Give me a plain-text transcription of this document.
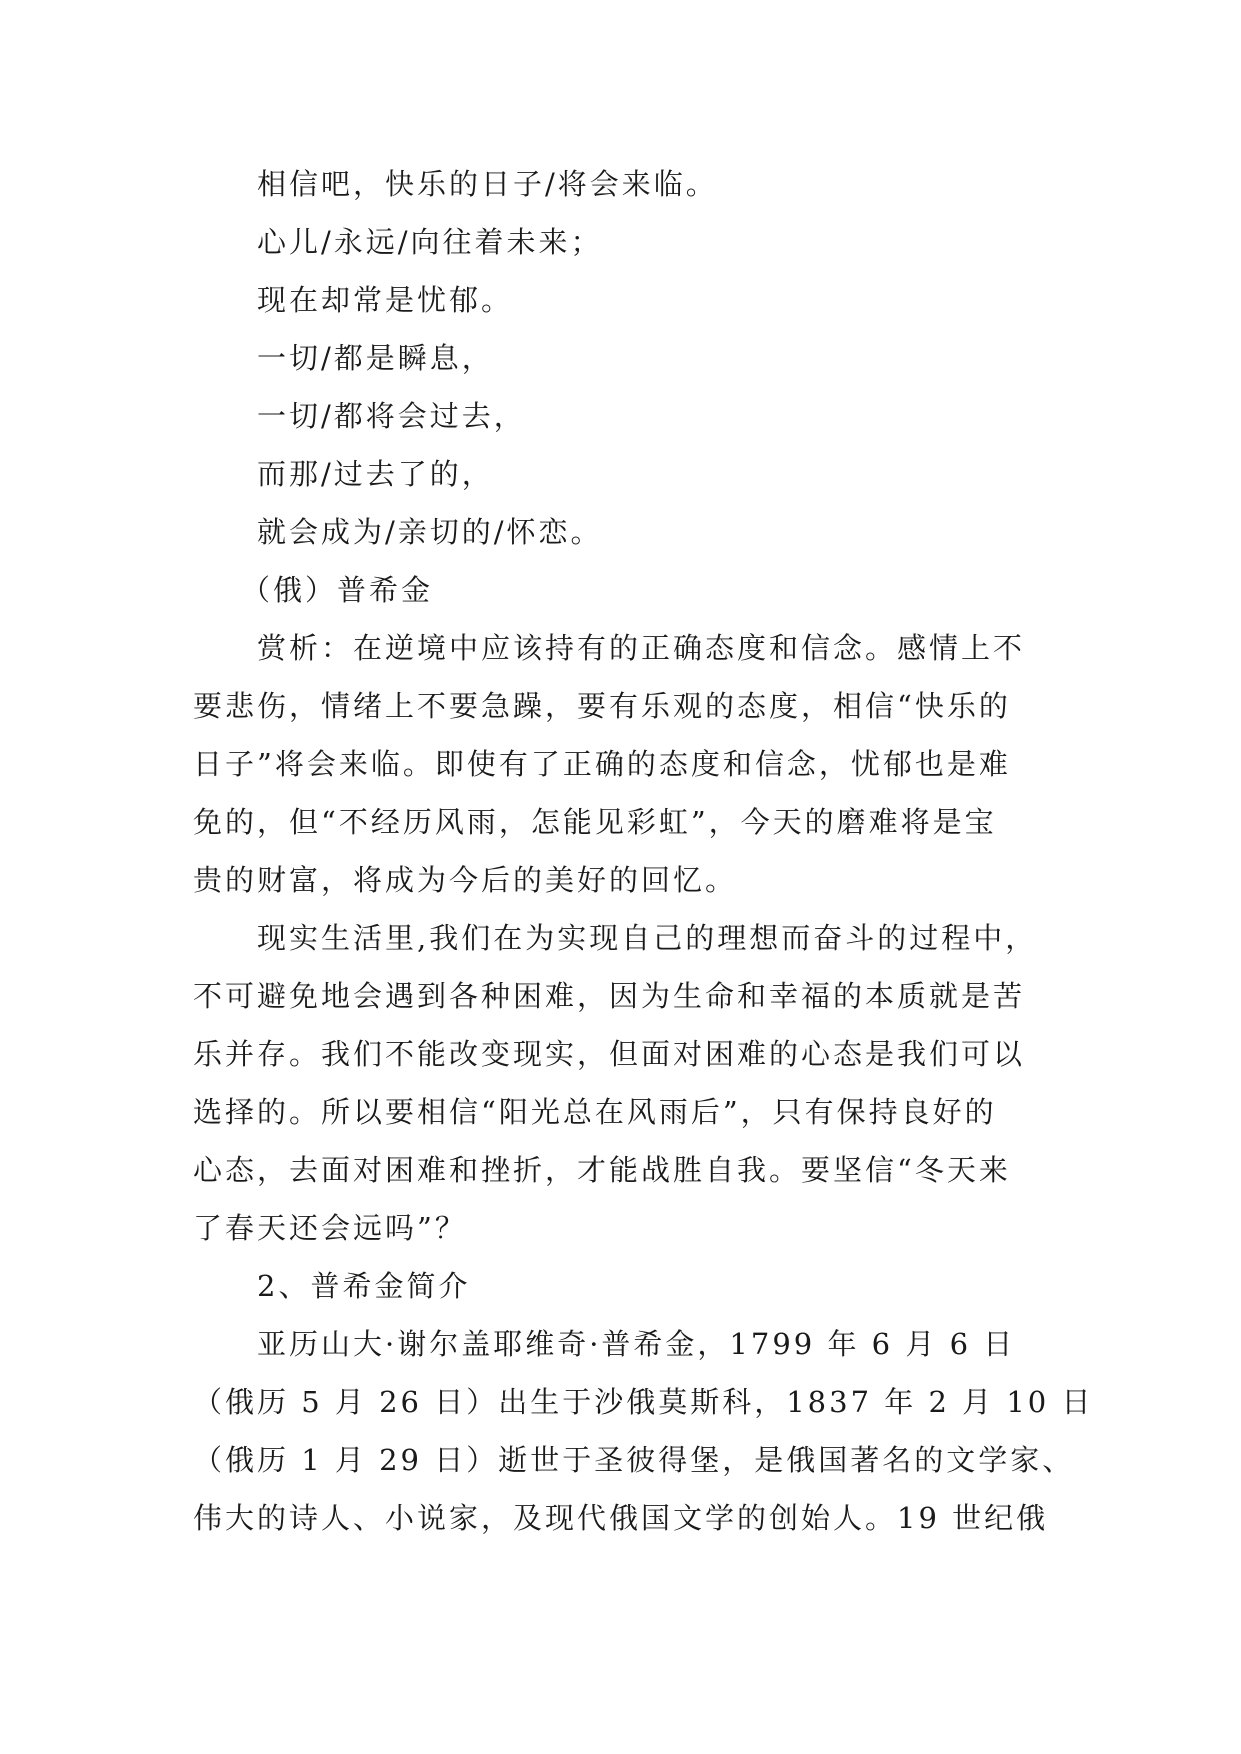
相信吧，快乐的日子/将会来临。
心儿/永远/向往着未来；
现在却常是忧郁。
一切/都是瞬息，
一切/都将会过去，
而那/过去了的，
就会成为/亲切的/怀恋。
（俄）普希金
赏析：在逆境中应该持有的正确态度和信念。感情上不
要悲伤，情绪上不要急躁，要有乐观的态度，相信“快乐的
日子”将会来临。即使有了正确的态度和信念，忧郁也是难
免的，但“不经历风雨，怎能见彩虹”，今天的磨难将是宝
贵的财富，将成为今后的美好的回忆。
现实生活里,我们在为实现自己的理想而奋斗的过程中，
不可避免地会遇到各种困难，因为生命和幸福的本质就是苦
乐并存。我们不能改变现实，但面对困难的心态是我们可以
选择的。所以要相信“阳光总在风雨后”，只有保持良好的
心态，去面对困难和挫折，才能战胜自我。要坚信“冬天来
了春天还会远吗”？
2、普希金简介
亚历山大·谢尔盖耶维奇·普希金，1799 年 6 月 6 日
（俄历 5 月 26 日）出生于沙俄莫斯科，1837 年 2 月 10 日
（俄历 1 月 29 日）逝世于圣彼得堡，是俄国著名的文学家、
伟大的诗人、小说家，及现代俄国文学的创始人。19 世纪俄
